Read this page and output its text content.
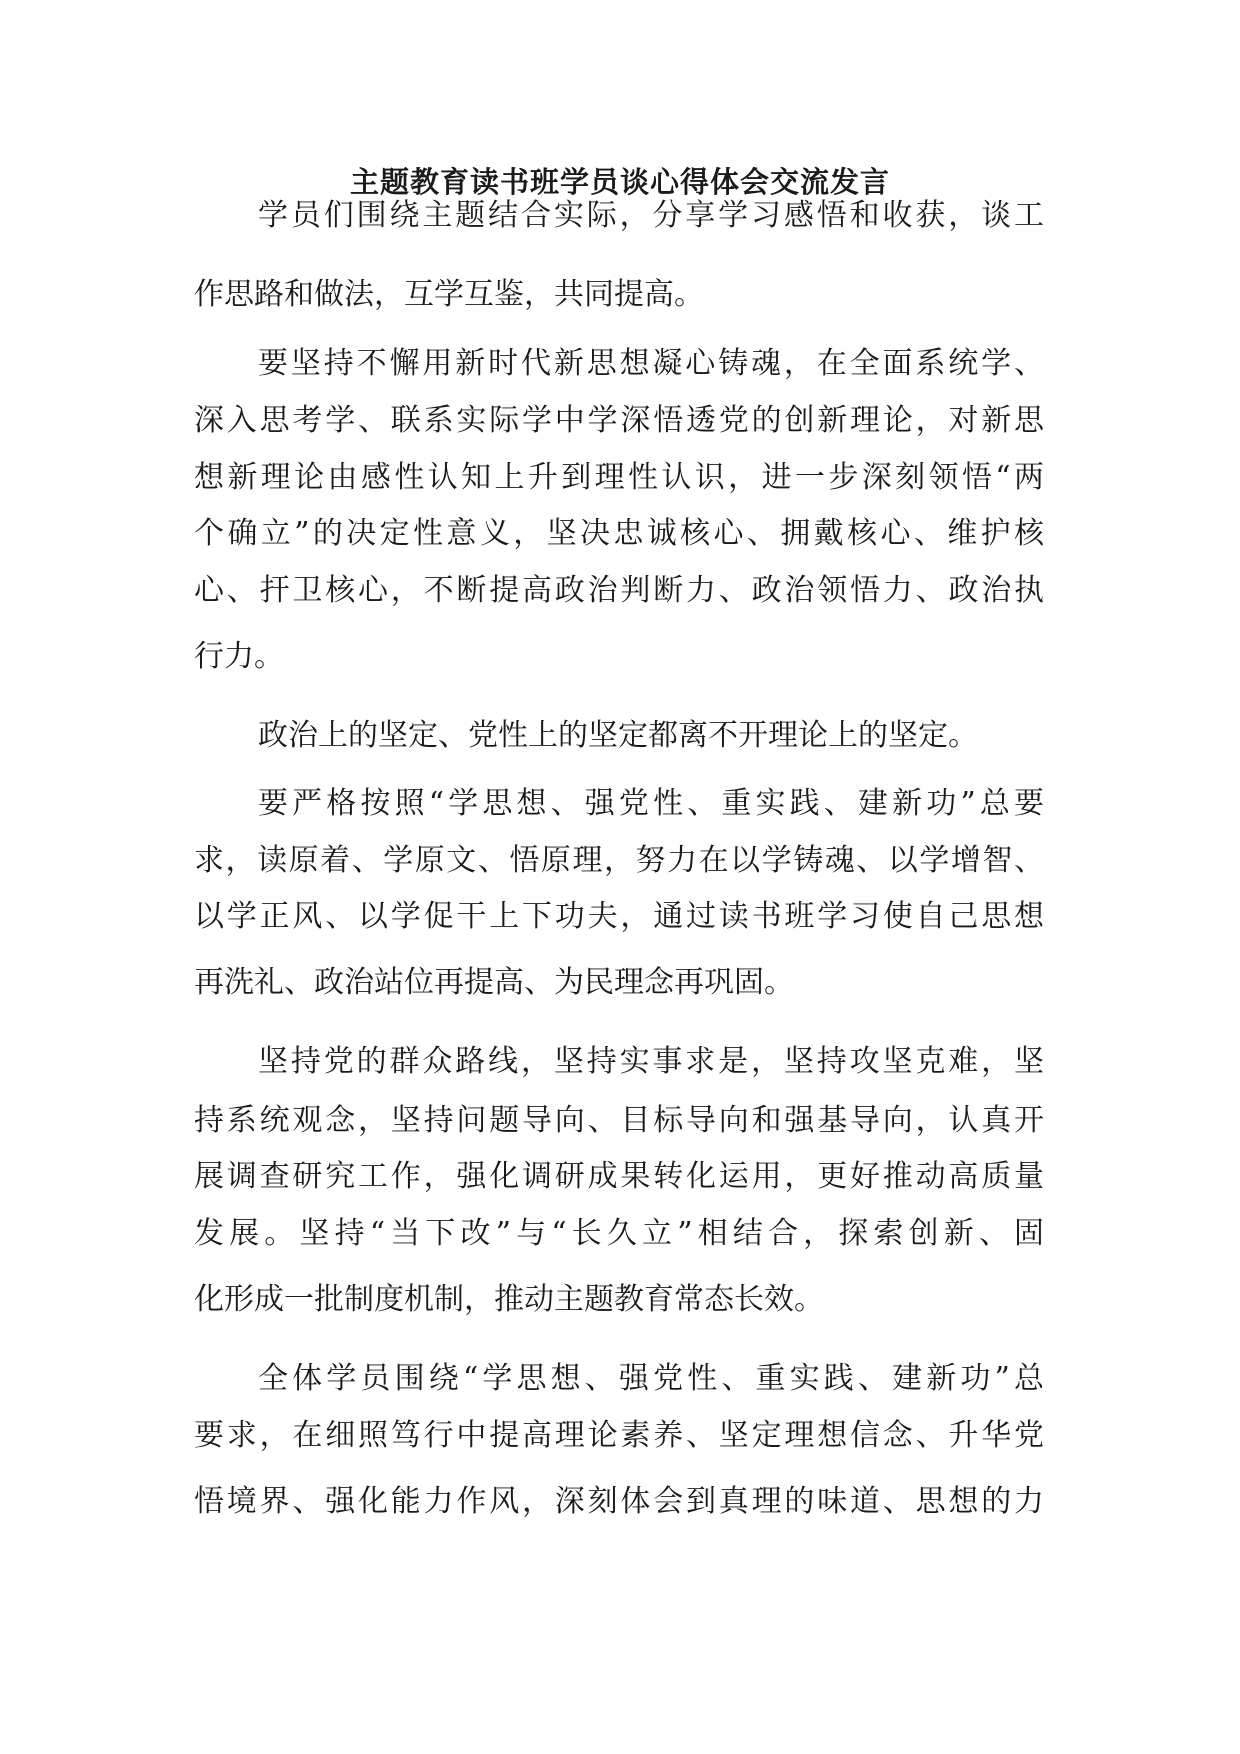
主题教育读书班学员谈心得体会交流发言

学员们围绕主题结合实际，分享学习感悟和收获，谈工

作思路和做法，互学互鉴，共同提高。

要坚持不懈用新时代新思想凝心铸魂，在全面系统学、

深入思考学、联系实际学中学深悟透党的创新理论，对新思

想新理论由感性认知上升到理性认识，进一步深刻领悟“两

个确立”的决定性意义，坚决忠诚核心、拥戴核心、维护核

心、扞卫核心，不断提高政治判断力、政治领悟力、政治执

行力。

政治上的坚定、党性上的坚定都离不开理论上的坚定。

要严格按照“学思想、强党性、重实践、建新功”总要

求，读原着、学原文、悟原理，努力在以学铸魂、以学增智、

以学正风、以学促干上下功夫，通过读书班学习使自己思想

再洗礼、政治站位再提高、为民理念再巩固。

坚持党的群众路线，坚持实事求是，坚持攻坚克难，坚

持系统观念，坚持问题导向、目标导向和强基导向，认真开

展调查研究工作，强化调研成果转化运用，更好推动高质量

发展。坚持“当下改”与“长久立”相结合，探索创新、固

化形成一批制度机制，推动主题教育常态长效。

全体学员围绕“学思想、强党性、重实践、建新功”总

要求，在细照笃行中提高理论素养、坚定理想信念、升华党

悟境界、强化能力作风，深刻体会到真理的味道、思想的力
